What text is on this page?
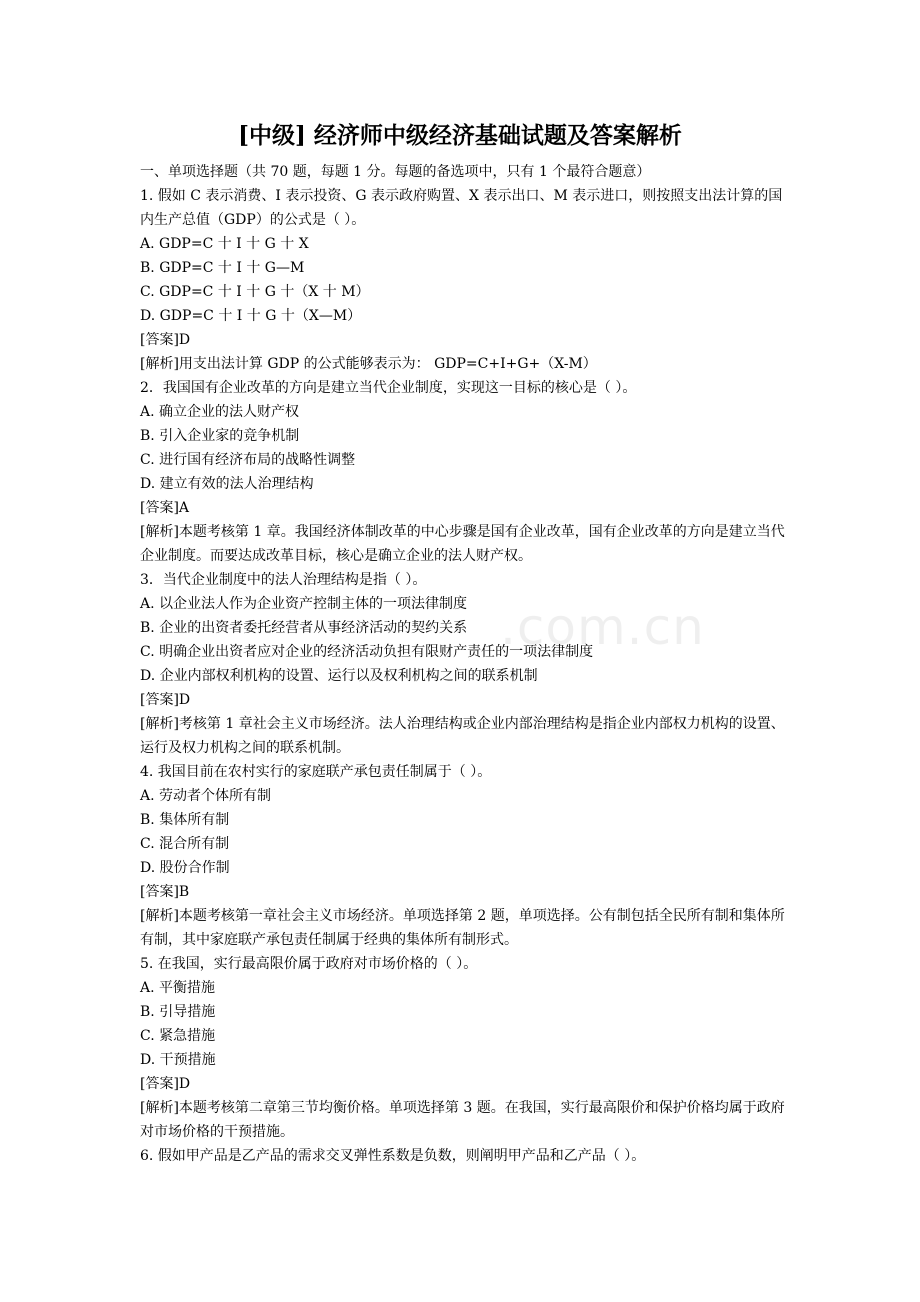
.com.cn
[中级] 经济师中级经济基础试题及答案解析

一、单项选择题（共 70 题，每题 1 分。每题的备选项中，只有 1 个最符合题意）

1. 假如 C 表示消费、I 表示投资、G 表示政府购置、X 表示出口、M 表示进口，则按照支出法计算的国内生产总值（GDP）的公式是（ ）。

A. GDP=C 十 I 十 G 十 X

B. GDP=C 十 I 十 G—M

C. GDP=C 十 I 十 G 十（X 十 M）

D. GDP=C 十 I 十 G 十（X—M）

[答案]D

[解析]用支出法计算 GDP 的公式能够表示为： GDP=C+I+G+（X-M）

2．我国国有企业改革的方向是建立当代企业制度，实现这一目标的核心是（ ）。

A. 确立企业的法人财产权

B. 引入企业家的竞争机制

C. 进行国有经济布局的战略性调整

D. 建立有效的法人治理结构

[答案]A

[解析]本题考核第 1 章。我国经济体制改革的中心步骤是国有企业改革，国有企业改革的方向是建立当代企业制度。而要达成改革目标，核心是确立企业的法人财产权。

3．当代企业制度中的法人治理结构是指（ ）。

A. 以企业法人作为企业资产控制主体的一项法律制度

B. 企业的出资者委托经营者从事经济活动的契约关系

C. 明确企业出资者应对企业的经济活动负担有限财产责任的一项法律制度

D. 企业内部权利机构的设置、运行以及权利机构之间的联系机制

[答案]D

[解析]考核第 1 章社会主义市场经济。法人治理结构或企业内部治理结构是指企业内部权力机构的设置、运行及权力机构之间的联系机制。

4. 我国目前在农村实行的家庭联产承包责任制属于（ ）。

A. 劳动者个体所有制

B. 集体所有制

C. 混合所有制

D. 股份合作制

[答案]B

[解析]本题考核第一章社会主义市场经济。单项选择第 2 题，单项选择。公有制包括全民所有制和集体所有制，其中家庭联产承包责任制属于经典的集体所有制形式。

5. 在我国，实行最高限价属于政府对市场价格的（ ）。

A. 平衡措施

B. 引导措施

C. 紧急措施

D. 干预措施

[答案]D

[解析]本题考核第二章第三节均衡价格。单项选择第 3 题。在我国，实行最高限价和保护价格均属于政府对市场价格的干预措施。

6. 假如甲产品是乙产品的需求交叉弹性系数是负数，则阐明甲产品和乙产品（ ）。
